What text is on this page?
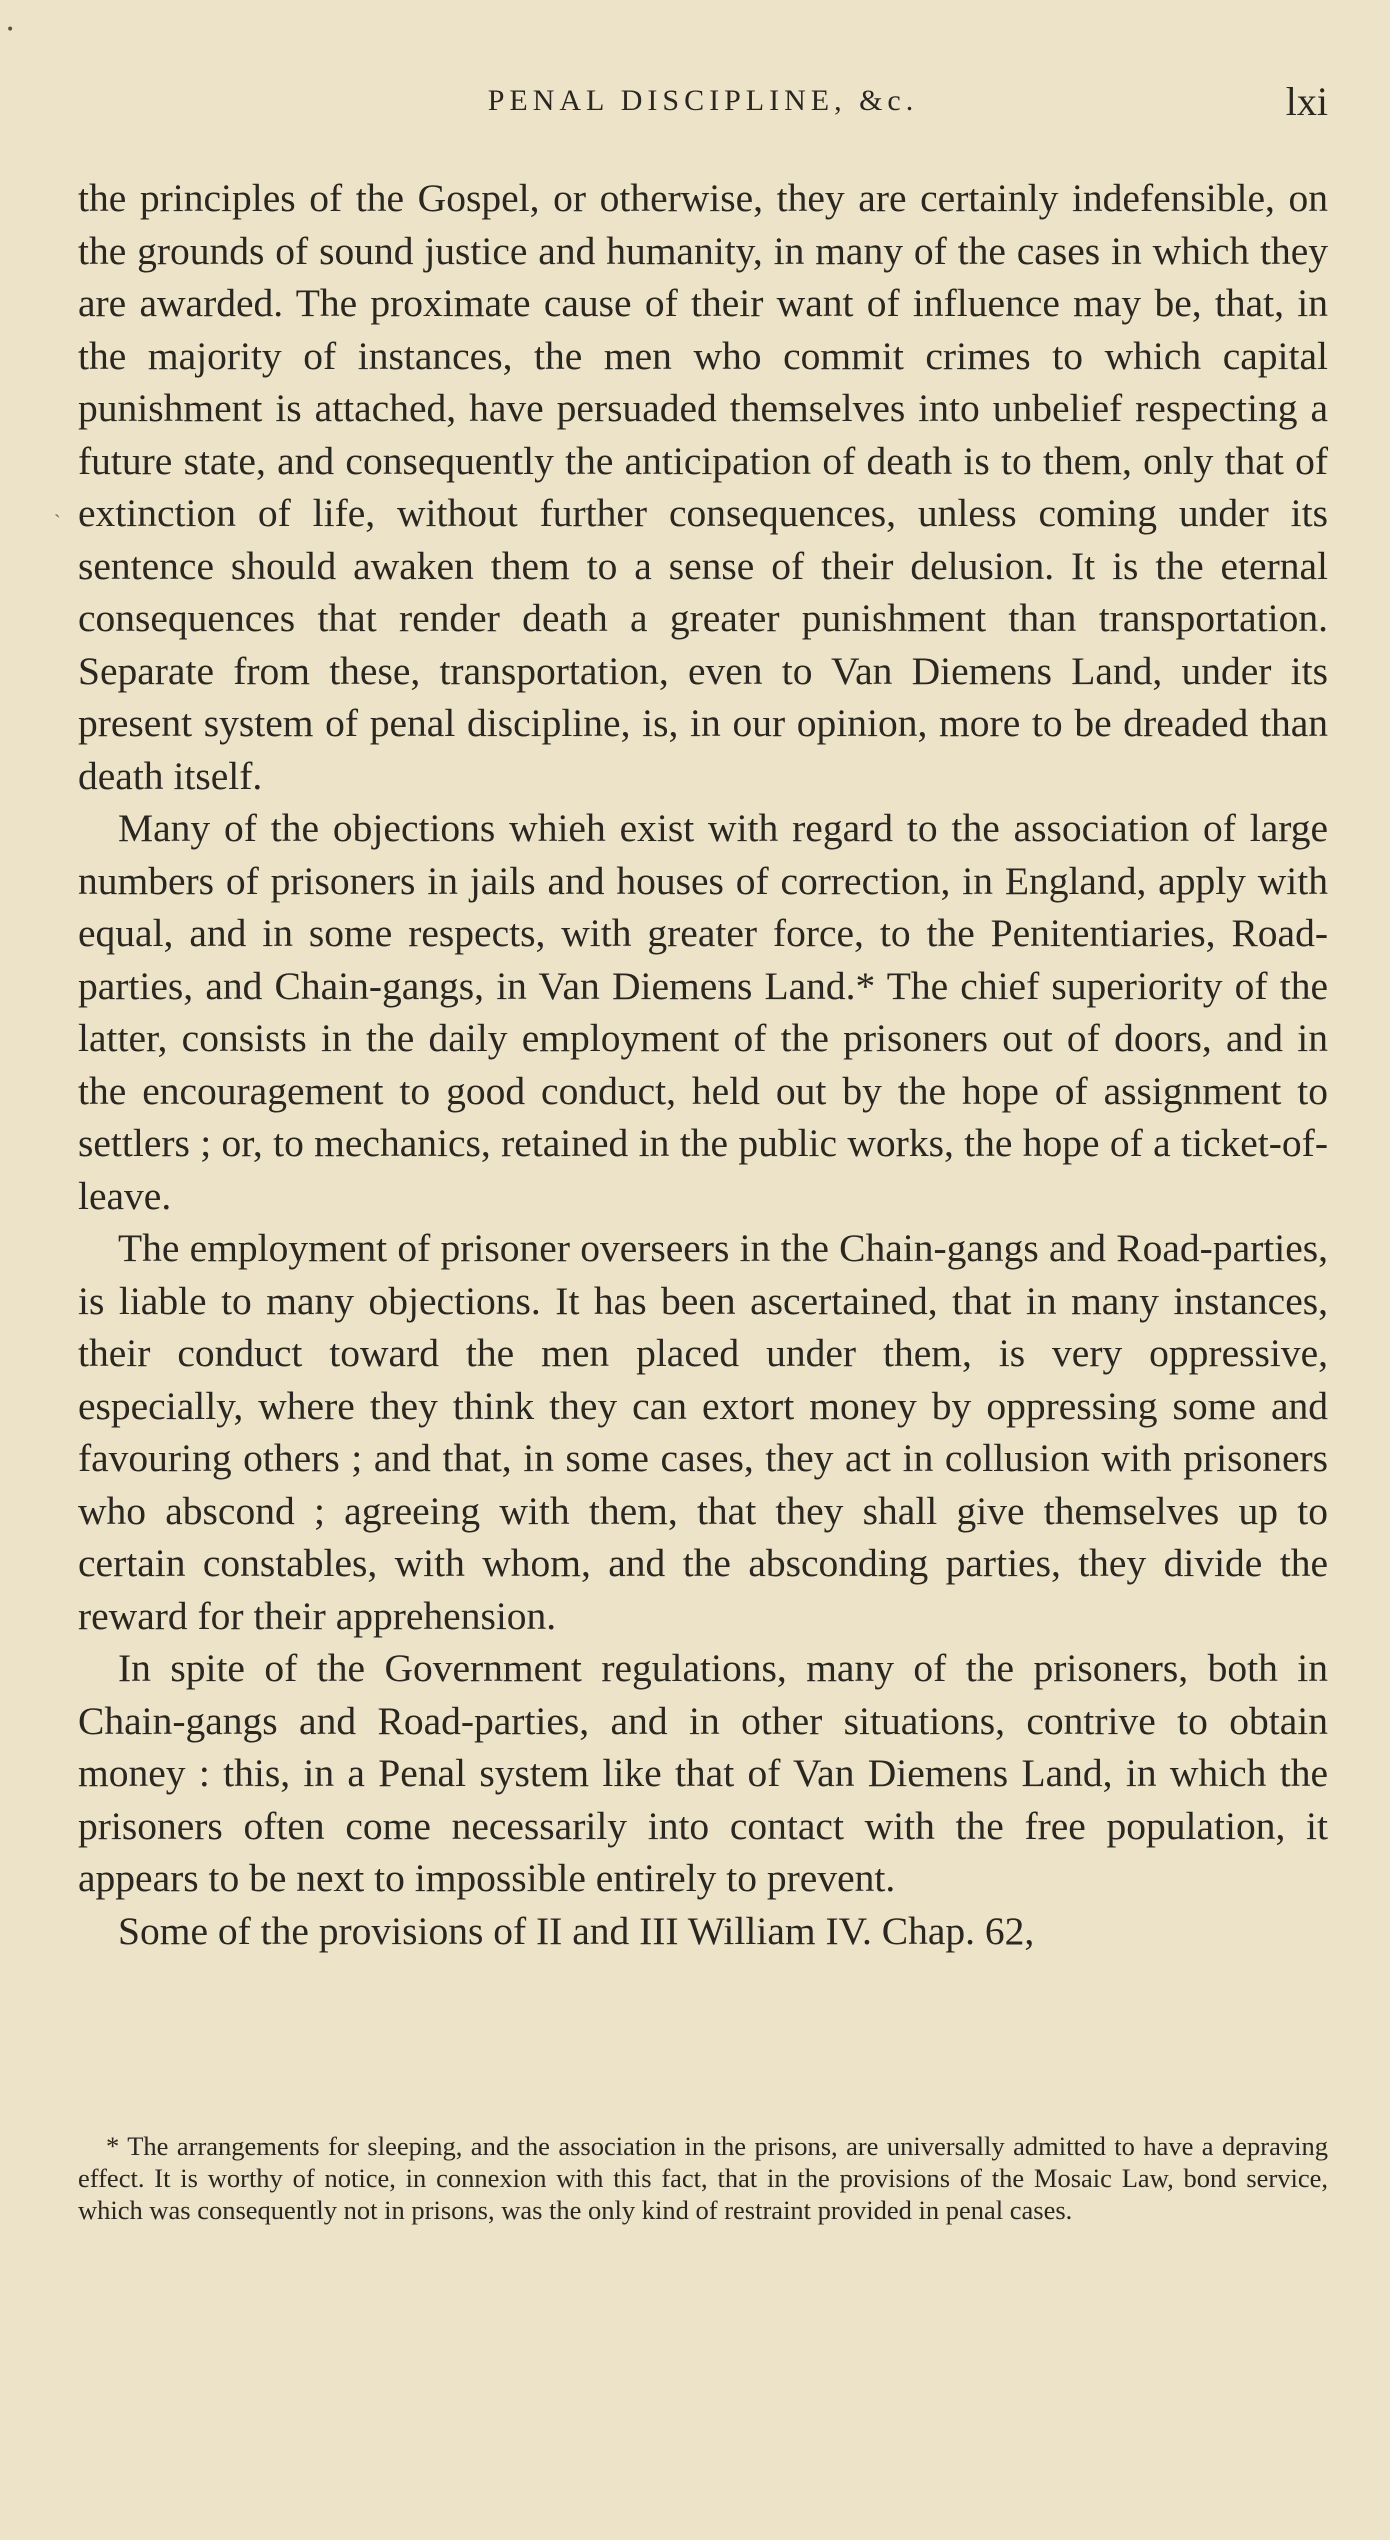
•
PENAL DISCIPLINE, &c.	lxi
ˎ

the principles of the Gospel, or otherwise, they are certainly indefensible, on the grounds of sound justice and humanity, in many of the cases in which they are awarded. The proximate cause of their want of influence may be, that, in the majority of instances, the men who commit crimes to which capital punishment is attached, have persuaded themselves into unbelief respecting a future state, and consequently the anticipation of death is to them, only that of extinction of life, without further consequences, unless coming under its sentence should awaken them to a sense of their delusion. It is the eternal consequences that render death a greater punishment than transportation. Separate from these, transportation, even to Van Diemens Land, under its present system of penal discipline, is, in our opinion, more to be dreaded than death itself.

Many of the objections whieh exist with regard to the association of large numbers of prisoners in jails and houses of correction, in England, apply with equal, and in some respects, with greater force, to the Penitentiaries, Road-parties, and Chain-gangs, in Van Diemens Land.* The chief superiority of the latter, consists in the daily employment of the prisoners out of doors, and in the encouragement to good conduct, held out by the hope of assignment to settlers ; or, to mechanics, retained in the public works, the hope of a ticket-of-leave.

The employment of prisoner overseers in the Chain-gangs and Road-parties, is liable to many objections. It has been ascertained, that in many instances, their conduct toward the men placed under them, is very oppressive, especially, where they think they can extort money by oppressing some and favouring others ; and that, in some cases, they act in collusion with prisoners who abscond ; agreeing with them, that they shall give themselves up to certain constables, with whom, and the absconding parties, they divide the reward for their apprehension.

In spite of the Government regulations, many of the prisoners, both in Chain-gangs and Road-parties, and in other situations, contrive to obtain money : this, in a Penal system like that of Van Diemens Land, in which the prisoners often come necessarily into contact with the free population, it appears to be next to impossible entirely to prevent.

Some of the provisions of II and III William IV. Chap. 62,

* The arrangements for sleeping, and the association in the prisons, are universally admitted to have a depraving effect. It is worthy of notice, in connexion with this fact, that in the provisions of the Mosaic Law, bond service, which was consequently not in prisons, was the only kind of restraint provided in penal cases.
